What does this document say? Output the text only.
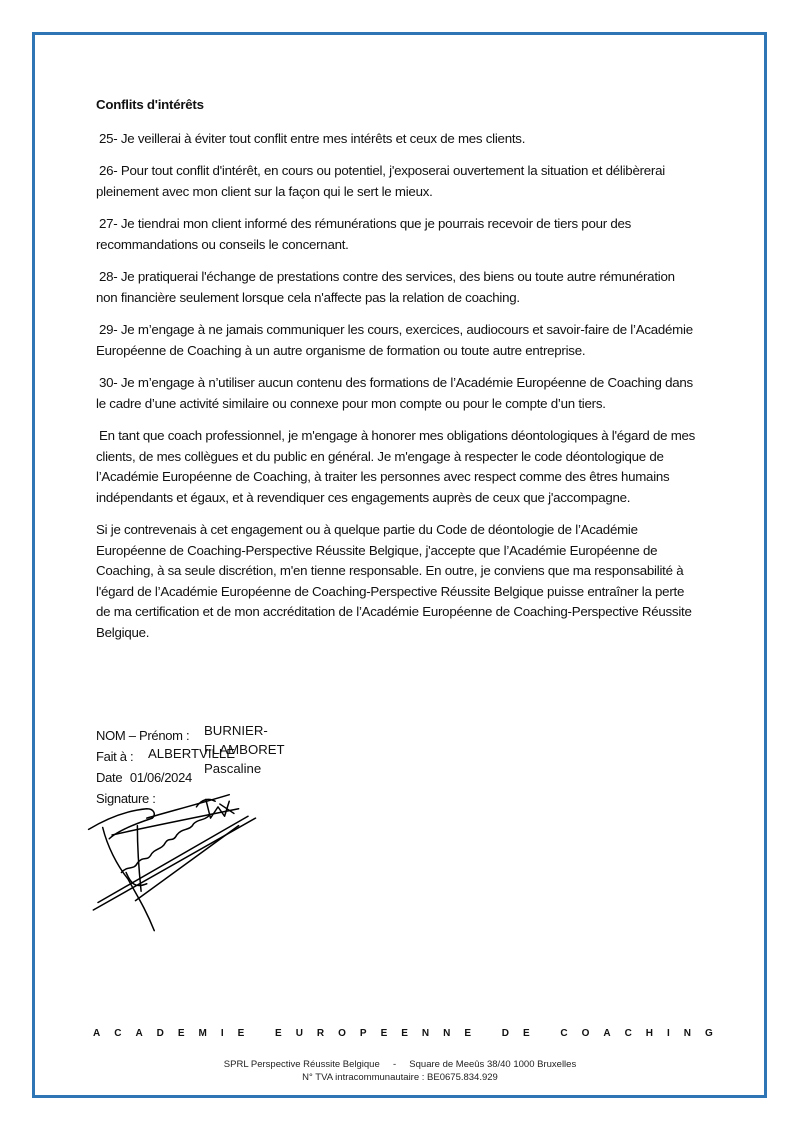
Conflits d'intérêts

25- Je veillerai à éviter tout conflit entre mes intérêts et ceux de mes clients.

26- Pour tout conflit d'intérêt, en cours ou potentiel, j'exposerai ouvertement la situation et délibèrerai pleinement avec mon client sur la façon qui le sert le mieux.

27- Je tiendrai mon client informé des rémunérations que je pourrais recevoir de tiers pour des recommandations ou conseils le concernant.

28- Je pratiquerai l'échange de prestations contre des services, des biens ou toute autre rémunération non financière seulement lorsque cela n'affecte pas la relation de coaching.

29- Je m’engage à ne jamais communiquer les cours, exercices, audiocours et savoir-faire de l’Académie Européenne de Coaching à un autre organisme de formation ou toute autre entreprise.

30- Je m’engage à n’utiliser aucun contenu des formations de l’Académie Européenne de Coaching dans le cadre d’une activité similaire ou connexe pour mon compte ou pour le compte d’un tiers.

En tant que coach professionnel, je m'engage à honorer mes obligations déontologiques à l'égard de mes clients, de mes collègues et du public en général. Je m'engage à respecter le code déontologique de l’Académie Européenne de Coaching, à traiter les personnes avec respect comme des êtres humains indépendants et égaux, et à revendiquer ces engagements auprès de ceux que j'accompagne.

Si je contrevenais à cet engagement ou à quelque partie du Code de déontologie de l’Académie Européenne de Coaching-Perspective Réussite Belgique, j'accepte que l’Académie Européenne de Coaching, à sa seule discrétion, m'en tienne responsable. En outre, je conviens que ma responsabilité à l'égard de l’Académie Européenne de Coaching-Perspective Réussite Belgique puisse entraîner la perte de ma certification et de mon accréditation de l’Académie Européenne de Coaching-Perspective Réussite Belgique.

NOM – Prénom : BURNIER-FLAMBORET Pascaline
Fait à : ALBERTVILLE
Date 01/06/2024
Signature :
A C A D E M I E
	E U R O P E E N N E
	D E
	C O A C H I N G
SPRL Perspective Réussite Belgique     -     Square de Meeûs 38/40 1000 Bruxelles
N° TVA intracommunautaire : BE0675.834.929
